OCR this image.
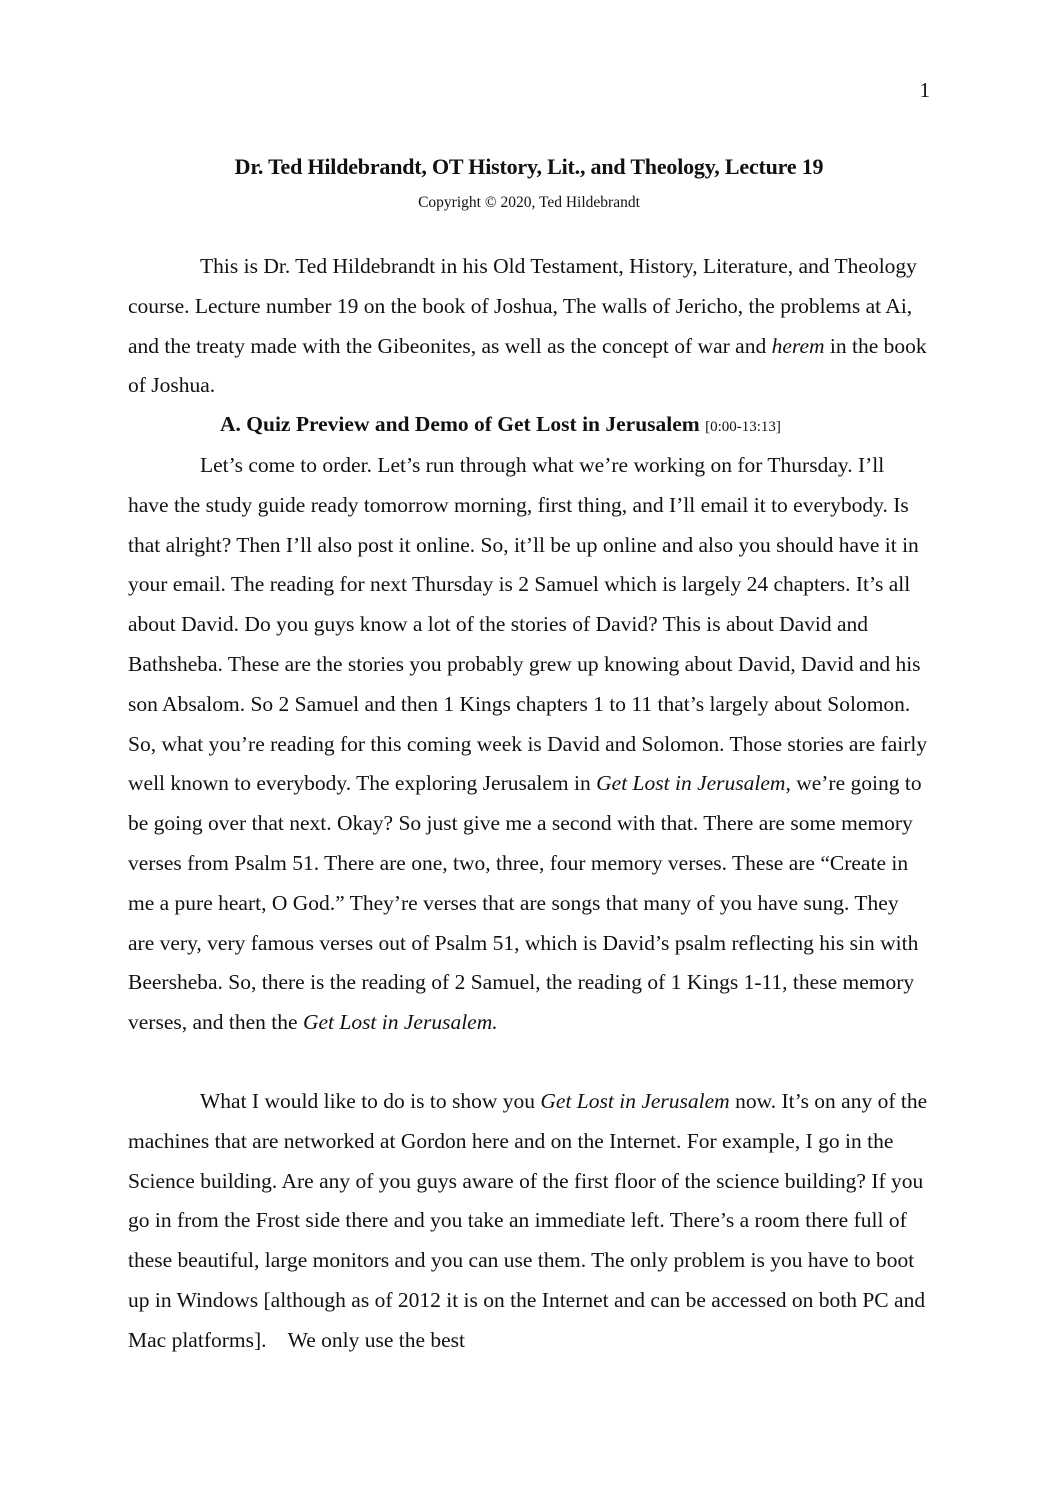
1
Dr. Ted Hildebrandt, OT History, Lit., and Theology, Lecture 19
Copyright © 2020, Ted Hildebrandt

This is Dr. Ted Hildebrandt in his Old Testament, History, Literature, and Theology course. Lecture number 19 on the book of Joshua, The walls of Jericho, the problems at Ai, and the treaty made with the Gibeonites, as well as the concept of war and herem in the book of Joshua.

A. Quiz Preview and Demo of Get Lost in Jerusalem [0:00-13:13]

Let’s come to order. Let’s run through what we’re working on for Thursday. I’ll have the study guide ready tomorrow morning, first thing, and I’ll email it to everybody. Is that alright? Then I’ll also post it online. So, it’ll be up online and also you should have it in your email. The reading for next Thursday is 2 Samuel which is largely 24 chapters. It’s all about David. Do you guys know a lot of the stories of David? This is about David and Bathsheba. These are the stories you probably grew up knowing about David, David and his son Absalom. So 2 Samuel and then 1 Kings chapters 1 to 11 that’s largely about Solomon. So, what you’re reading for this coming week is David and Solomon. Those stories are fairly well known to everybody. The exploring Jerusalem in Get Lost in Jerusalem, we’re going to be going over that next. Okay? So just give me a second with that. There are some memory verses from Psalm 51. There are one, two, three, four memory verses. These are “Create in me a pure heart, O God.” They’re verses that are songs that many of you have sung. They are very, very famous verses out of Psalm 51, which is David’s psalm reflecting his sin with Beersheba. So, there is the reading of 2 Samuel, the reading of 1 Kings 1-11, these memory verses, and then the Get Lost in Jerusalem.

What I would like to do is to show you Get Lost in Jerusalem now. It’s on any of the machines that are networked at Gordon here and on the Internet. For example, I go in the Science building. Are any of you guys aware of the first floor of the science building? If you go in from the Frost side there and you take an immediate left. There’s a room there full of these beautiful, large monitors and you can use them. The only problem is you have to boot up in Windows [although as of 2012 it is on the Internet and can be accessed on both PC and Mac platforms].    We only use the best
